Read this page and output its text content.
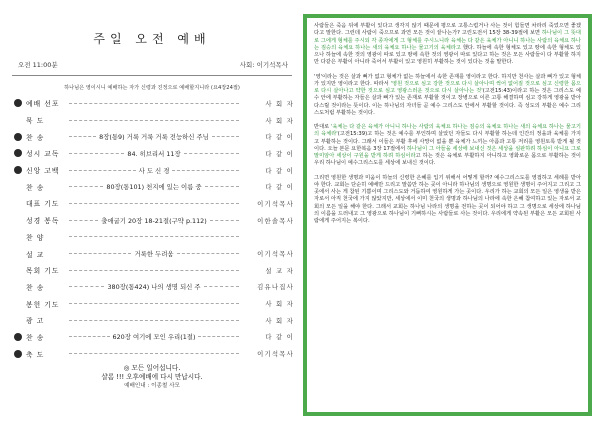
주일 오전 예배
오전 11:00분	사회: 이기석목사
하나님은 영이시니 예배하는 자가 신령과 진정으로 예배할지니라 (요4장24절)
예배 선포	사 회 자
묵 도	사 회 자
찬 송	8장(통9) 거룩 거룩 거룩 전능하신 주님	다 같 이
성시 교독	84. 히브리서 11장	다 같 이
신앙 고백	사 도 신 경	다 같 이
찬 송	80장(통101) 천지에 있는 이름 중	다 같 이
대표 기도	이기석목사
성경 봉독	출애굽기 20장 18-21절(구약 p.112)	이한솔목사
찬 양
설 교	거룩한 두려움	이기석목사
목회 기도	설 교 자
찬 송	380장(통424) 나의 생명 되신 주	김유나집사
봉헌 기도	사 회 자
광 고	사 회 자
찬 송	620장 여기에 모인 우리(1절)	다 같 이
축 도	이기석목사
◎ 모든 일어섭니다.
샬롬 !!! 오후예배에 다시 만납시다.
예배인내 : 이종철 사모

사람들은 죽음 뒤에 부활이 있다고 생각지 않기 때문에 평으로 고통스럽거나 사는 것이 힘들면 차라리 죽었으면 좋겠다고 말한다. 그런데 사람이 죽으므로 과연 모든 것이 끝나는가? 고린도전서 15장 38-39절에 보면 하나님이 그 뜻대로 그에게 형체를 주시되 각 종자에게 그 형체를 주시느니라 육체는 다 같은 육체가 아니니 하나는 사람의 육체요 하나는 짐승의 육체요 하나는 새의 육체요 하나는 물고기의 육체라고 했다. 하늘에 속한 형체도 있고 땅에 속한 형체도 있으나 하늘에 속한 것의 영광이 따로 있고 땅에 속한 것의 영광이 따로 있다고 하는 것은 모든 사람들이 다 부활할 하지만 다같은 부활이 아니라 죽어서 부활이 있고 영원히 부활하는 것이 있다는 것을 말한다.

'영'이라는 것은 살과 뼈가 없고 형체가 없는 하늘에서 속한 존재를 영이라고 한다. 하지만 천사는 살과 뼈가 있고 형체가 있지만 영이라고 한다. 따라서 '영원 것으로 심고 강한 것으로 다시 살아나며 썩어 없어질 것으로 심고 신령한 몸으로 다시 살아나고 약한 것으로 심고 영광스러운 것으로 다시 살아나는 것'(고전15:43)이라고 하는 것은 그리스도 예수 안에 부활하는 자들은 살과 뼈가 있는 존재로 부활할 것이고 장병으로 이른 고통 해결하며 심고 강하게 영광을 받아 다스릴 것이라는 뜻이다. 이는 하나님의 자녀들 곧 예수 그리스도 안에서 부활할 것이다. 즉 성도의 부활은 예수 그리스도처럼 부활하는 것이다.

반대로 '육체는 다 같은 육체가 아니니 하나는 사람의 육체요 하나는 짐승의 육체요 하나는 새의 육체요 하나는 물고기의 육체라'(고전15:39)고 하는 것은 예수를 부인하며 살았던 자들도 다시 부활할 하는데 인간의 정을과 육체를 가지고 부활하는 것이다. 그래서 이들은 부활 후에 사망이 없을 뿐 육체가 느끼는 아픔과 고통 저리를 영원토록 받게 될 것이다. 오늘 본문 요한복음 3장 17절에서 하나님이 그 아들을 세상에 보내신 것은 세상을 심판하려 하심이 아니요 그로 말미암아 세상이 구원을 받게 하려 하심이라고 하는 것은 육체로 부활하지 아니하고 영화로운 몸으로 부활하는 것이 우리 하나님이 예수그리스도를 세상에 보내신 것이다.

그리면 영원한 생명과 미움이 하늘의 신령한 은혜를 입기 위해서 어떻게 할까? 예수그리스도를 영접하고 세례를 받아야 한다. 교회는 단순히 예배만 드리고 말씀만 하는 곳이 아니라 하나님의 생명으로 영원한 생명이 주어지고 그리고 그곳에서 사는 게 참된 기쁨이며 그리스도와 거듭하여 영원하게 가는 곳이다. 우리가 하는 교회의 모든 일은 영생을 받은 자로서 아직 천국에 가지 않았지만, 세상에서 이미 천국의 생명과 하나님의 나라에 속한 은혜 참여하고 있는 자로서 교회의 모든 일을 해야 한다. 그래서 교회는 하나님 나라의 생명을 전하는 곳이 되어야 하고 그 생명으로 세상에 하나님의 이름을 드러내고 그 영광으로 하나님이 기뻐하시는 사람들로 사는 것이다. 우리에게 약속된 부활은 모든 교회된 사람에게 주어지는 복이다.
